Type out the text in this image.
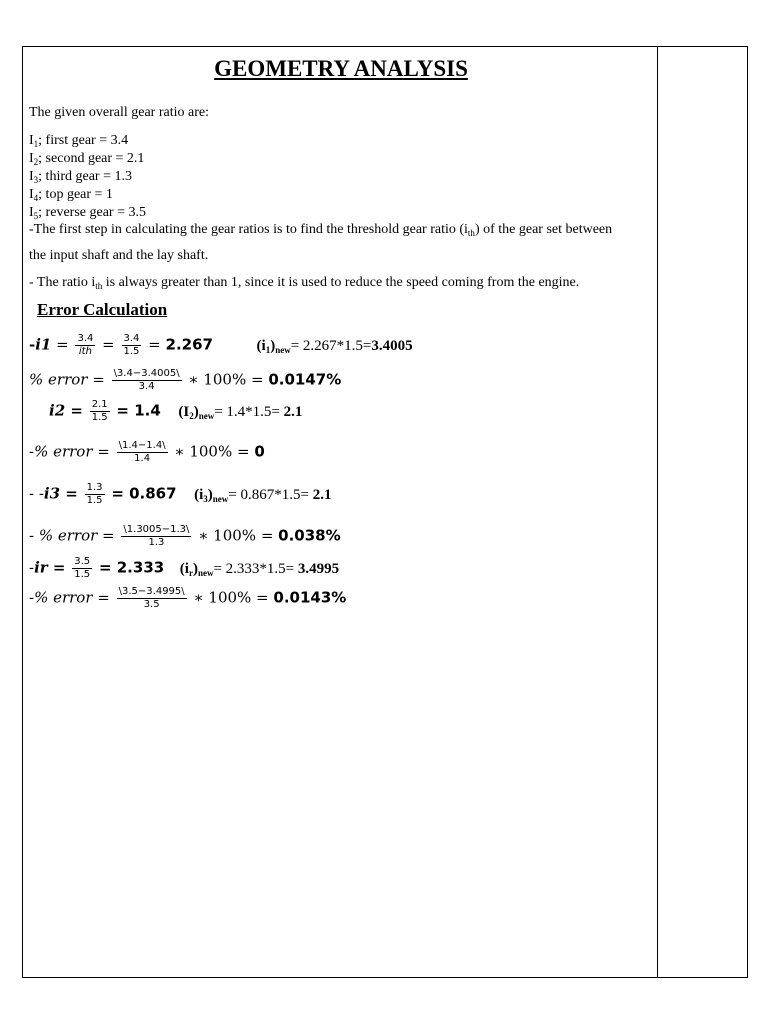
GEOMETRY ANALYSIS
The given overall gear ratio are:
$I_1$; first gear = 3.4
$I_2$; second gear = 2.1
$I_3$; third gear = 1.3
$I_4$; top gear = 1
$I_5$; reverse gear = 3.5
-The first step in calculating the gear ratios is to find the threshold gear ratio $(i_{th})$ of the gear set between
the input shaft and the lay shaft.
- The ratio $i_{th}$ is always greater than 1, since it is used to reduce the speed coming from the engine.
Error Calculation
$-i1 = \frac{3.4}{\text{ith}} = \frac{3.4}{1.5} = 2.267$	$(i_1)_{new}= 2.267*1.5=3.4005$
% error = $\frac{\backslash 3.4-3.4005\backslash}{3.4}$ ∗ 100% = 0.0147%
$i2 = \frac{2.1}{1.5} = 1.4$ $(I_2)_{new}= 1.4*1.5= 2.1$
-% error = $\frac{\backslash 1.4-1.4\backslash}{1.4}$ ∗ 100% = 0
- $-i3 = \frac{1.3}{1.5} = 0.867$ $(i_3)_{new}= 0.867*1.5= 2.1$
- % error = $\frac{\backslash 1.3005-1.3\backslash}{1.3}$ ∗ 100% = 0.038%
$-ir = \frac{3.5}{1.5} = 2.333$ $(i_r)_{new}= 2.333*1.5= 3.4995$
-% error = $\frac{\backslash 3.5-3.4995\backslash}{3.5}$ ∗ 100% = 0.0143%
